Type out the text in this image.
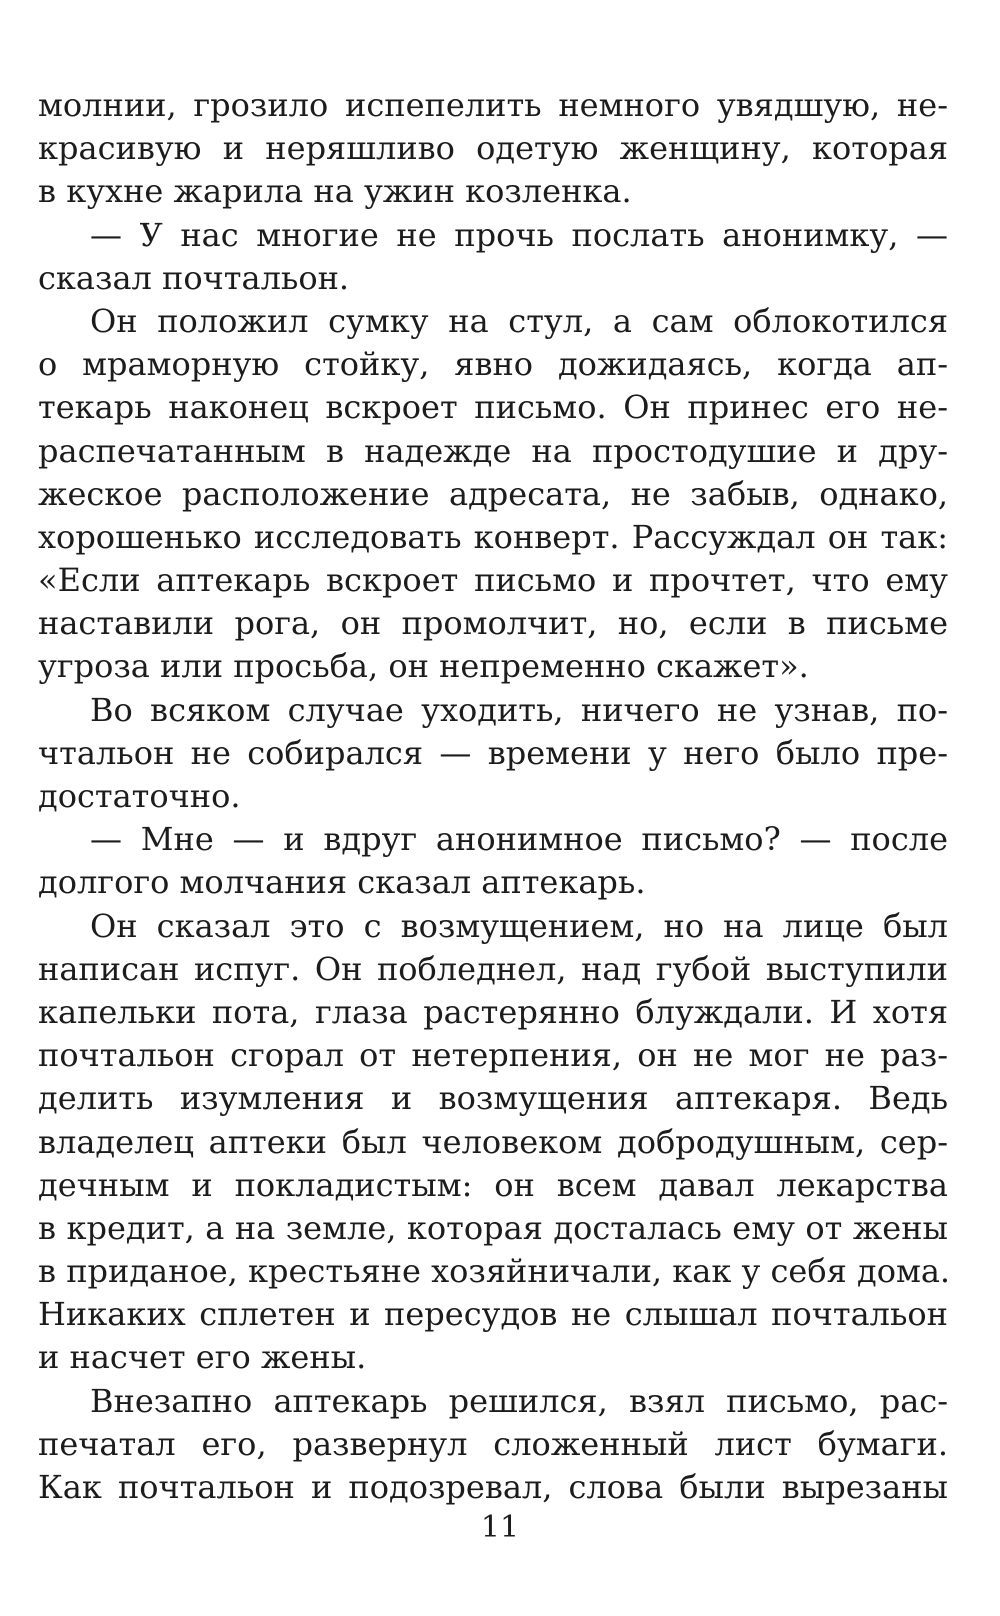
молнии, грозило испепелить немного увядшую, не-
красивую и неряшливо одетую женщину, которая
в кухне жарила на ужин козленка.
— У нас многие не прочь послать анонимку, —
сказал почтальон.
Он положил сумку на стул, а сам облокотился
о мраморную стойку, явно дожидаясь, когда ап-
текарь наконец вскроет письмо. Он принес его не-
распечатанным в надежде на простодушие и дру-
жеское расположение адресата, не забыв, однако,
хорошенько исследовать конверт. Рассуждал он так:
«Если аптекарь вскроет письмо и прочтет, что ему
наставили рога, он промолчит, но, если в письме
угроза или просьба, он непременно скажет».
Во всяком случае уходить, ничего не узнав, по-
чтальон не собирался — времени у него было пре-
достаточно.
— Мне — и вдруг анонимное письмо? — после
долгого молчания сказал аптекарь.
Он сказал это с возмущением, но на лице был
написан испуг. Он побледнел, над губой выступили
капельки пота, глаза растерянно блуждали. И хотя
почтальон сгорал от нетерпения, он не мог не раз-
делить изумления и возмущения аптекаря. Ведь
владелец аптеки был человеком добродушным, сер-
дечным и покладистым: он всем давал лекарства
в кредит, а на земле, которая досталась ему от жены
в приданое, крестьяне хозяйничали, как у себя дома.
Никаких сплетен и пересудов не слышал почтальон
и насчет его жены.
Внезапно аптекарь решился, взял письмо, рас-
печатал его, развернул сложенный лист бумаги.
Как почтальон и подозревал, слова были вырезаны
11
